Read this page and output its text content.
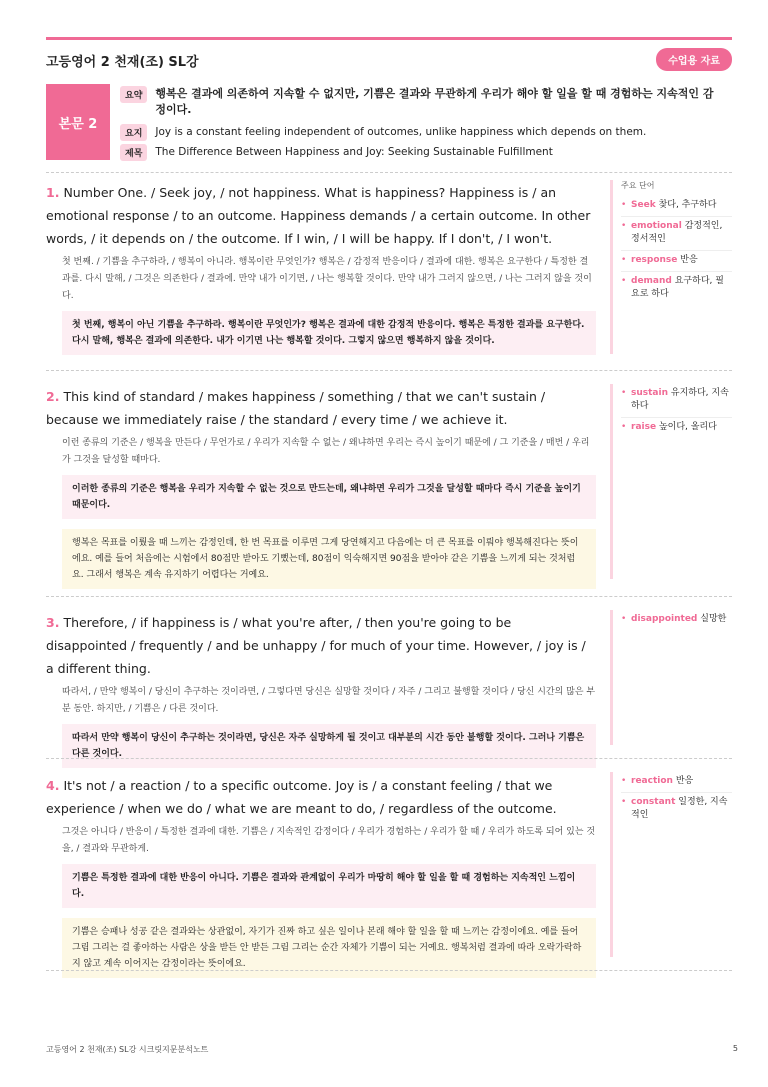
고등영어 2 천재(조) SL강	수업용 자료
본문 2
요약	행복은 결과에 의존하여 지속할 수 없지만, 기쁨은 결과와 무관하게 우리가 해야 할 일을 할 때 경험하는 지속적인 감정이다.
요지	Joy is a constant feeling independent of outcomes, unlike happiness which depends on them.
제목	The Difference Between Happiness and Joy: Seeking Sustainable Fulfillment
1. Number One. / Seek joy, / not happiness. What is happiness? Happiness is / an emotional response / to an outcome. Happiness demands / a certain outcome. In other words, / it depends on / the outcome. If I win, / I will be happy. If I don't, / I won't.
첫 번째. / 기쁨을 추구하라, / 행복이 아니라. 행복이란 무엇인가? 행복은 / 감정적 반응이다 / 결과에 대한. 행복은 요구한다 / 특정한 결과를. 다시 말해, / 그것은 의존한다 / 결과에. 만약 내가 이기면, / 나는 행복할 것이다. 만약 내가 그러지 않으면, / 나는 그러지 않을 것이다.
첫 번째, 행복이 아닌 기쁨을 추구하라. 행복이란 무엇인가? 행복은 결과에 대한 감정적 반응이다. 행복은 특정한 결과를 요구한다. 다시 말해, 행복은 결과에 의존한다. 내가 이기면 나는 행복할 것이다. 그렇지 않으면 행복하지 않을 것이다.
주요 단어
• Seek 찾다, 추구하다
• emotional 감정적인, 정서적인
• response 반응
• demand 요구하다, 필요로 하다
2. This kind of standard / makes happiness / something / that we can't sustain / because we immediately raise / the standard / every time / we achieve it.
이런 종류의 기준은 / 행복을 만든다 / 무언가로 / 우리가 지속할 수 없는 / 왜냐하면 우리는 즉시 높이기 때문에 / 그 기준을 / 매번 / 우리가 그것을 달성할 때마다.
이러한 종류의 기준은 행복을 우리가 지속할 수 없는 것으로 만드는데, 왜냐하면 우리가 그것을 달성할 때마다 즉시 기준을 높이기 때문이다.
행복은 목표를 이뤘을 때 느끼는 감정인데, 한 번 목표를 이루면 그게 당연해지고 다음에는 더 큰 목표를 이뤄야 행복해진다는 뜻이에요. 예를 들어 처음에는 시험에서 80점만 받아도 기뻤는데, 80점이 익숙해지면 90점을 받아야 같은 기쁨을 느끼게 되는 것처럼요. 그래서 행복은 계속 유지하기 어렵다는 거예요.
• sustain 유지하다, 지속하다
• raise 높이다, 올리다
3. Therefore, / if happiness is / what you're after, / then you're going to be disappointed / frequently / and be unhappy / for much of your time. However, / joy is / a different thing.
따라서, / 만약 행복이 / 당신이 추구하는 것이라면, / 그렇다면 당신은 실망할 것이다 / 자주 / 그리고 불행할 것이다 / 당신 시간의 많은 부분 동안. 하지만, / 기쁨은 / 다른 것이다.
따라서 만약 행복이 당신이 추구하는 것이라면, 당신은 자주 실망하게 될 것이고 대부분의 시간 동안 불행할 것이다. 그러나 기쁨은 다른 것이다.
• disappointed 실망한
4. It's not / a reaction / to a specific outcome. Joy is / a constant feeling / that we experience / when we do / what we are meant to do, / regardless of the outcome.
그것은 아니다 / 반응이 / 특정한 결과에 대한. 기쁨은 / 지속적인 감정이다 / 우리가 경험하는 / 우리가 할 때 / 우리가 하도록 되어 있는 것을, / 결과와 무관하게.
기쁨은 특정한 결과에 대한 반응이 아니다. 기쁨은 결과와 관계없이 우리가 마땅히 해야 할 일을 할 때 경험하는 지속적인 느낌이다.
기쁨은 승패나 성공 같은 결과와는 상관없이, 자기가 진짜 하고 싶은 일이나 본래 해야 할 일을 할 때 느끼는 감정이에요. 예를 들어 그림 그리는 걸 좋아하는 사람은 상을 받든 안 받든 그림 그리는 순간 자체가 기쁨이 되는 거예요. 행복처럼 결과에 따라 오락가락하지 않고 계속 이어지는 감정이라는 뜻이에요.
• reaction 반응
• constant 일정한, 지속적인
고등영어 2 천재(조) SL강 시크릿지문분석노트	5
